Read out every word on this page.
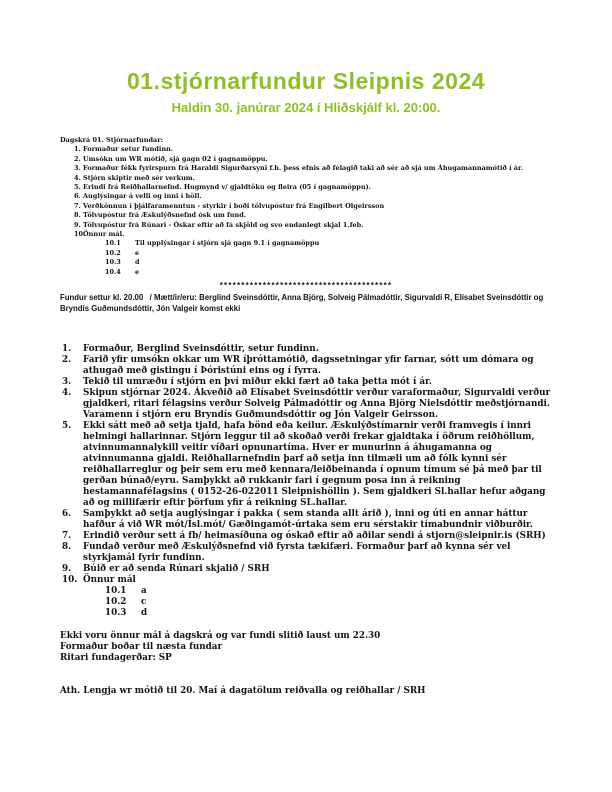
01.stjórnarfundur Sleipnis 2024
Haldin 30. janúrar 2024 í Hliðskjálf kl. 20:00.
Dagskrá 01. Stjórnarfundar:
1. Formaður setur fundinn.
2. Umsókn um WR mótið, sjá gagn 02 í gagnamöppu.
3. Formaður fékk fyrirspurn frá Haraldi Sigurðarsyni f.h. þess efnis að félagið taki að sér að sjá um Áhugamannamótið í ár.
4. Stjórn skiptir með sér verkum.
5. Erindi frá Reiðhallarnefnd. Hugmynd v/ gjaldtöku og fleira (05 í gagnamöppu).
6. Auglýsingar á velli og inni í höll.
7. Verðkönnun í þjálfaramenntun - styrkir í boði tölvupóstur frá Engilbert Olgeirsson
8. Tölvupóstur frá Æskulýðsnefnd ósk um fund.
9. Tölvupóstur frá Rúnari - Óskar eftir að fá skjöld og svo endanlegt skjal 1.feb.
10.
Önnur mál.
10.1	Til upplýsingar í stjórn sjá gagn 9.1 í gagnamöppu
10.2	e
10.3	d
10.4	e
****************************************
Fundur settur kl. 20.00   / Mætt/ir/eru: Berglind Sveinsdóttir, Anna Björg, Solveig Pálmadóttir, Sigurvaldi R, Elísabet Sveinsdóttir og Bryndís Guðmundsdóttir, Jón Valgeir komst ekki
1.	Formaður, Berglind Sveinsdóttir, setur fundinn.
2.	Farið yfir umsókn okkar um WR íþróttamótið, dagssetningar yfir farnar, sótt um dómara og athugað með gistingu í Þóristúni eins og í fyrra.
3.	Tekið til umræðu í stjórn en því miður ekki fært að taka þetta mót í ár.
4.	Skipun stjórnar 2024. Ákveðið að Elísabet Sveinsdóttir verður varaformaður, Sigurvaldi verður gjaldkeri, ritari félagsins verður Solveig Pálmadóttir og Anna Björg Nielsdóttir meðstjórnandi. Varamenn í stjórn eru Bryndís Guðmundsdóttir og Jón Valgeir Geirsson.
5.	Ekki sátt með að setja tjald, hafa bönd eða keilur. Æskulýðstímarnir verði framvegis í innri helmingi hallarinnar. Stjórn leggur til að skoðað verði frekar gjaldtaka í öðrum reiðhöllum, atvinnumannalykill veitir víðari opnunartíma. Hver er munurinn á áhugamanna og atvinnumanna gjaldi. Reiðhallarnefndin þarf að setja inn tilmæli um að fólk kynni sér reiðhallarreglur og þeir sem eru með kennara/leiðbeinanda í opnum tímum sé þá með þar til gerðan búnað/eyru. Samþykkt að rukkanir fari í gegnum posa inn á reikning hestamannafélagsins ( 0152-26-022011 Sleipnishöllin ). Sem gjaldkeri Sl.hallar hefur aðgang að og millifærir eftir þörfum yfir á reikning SL.hallar.
6.	Samþykkt að setja auglýsingar í pakka ( sem standa allt árið ), inni og úti en annar háttur hafður á við WR mót/Ísl.mót/ Gæðingamót-úrtaka sem eru sérstakir tímabundnir viðburðir.
7.	Erindið verður sett á fb/ heimasíðuna og óskað eftir að aðilar sendi á stjorn@sleipnir.is (SRH)
8.	Fundað verður með Æskulýðsnefnd við fyrsta tækifæri. Formaður þarf að kynna sér vel styrkjamál fyrir fundinn.
9.	Búið er að senda Rúnari skjalið / SRH
10. Önnur mál
10.1	a
10.2	c
10.3	d
Ekki voru önnur mál á dagskrá og var fundi slitið laust um 22.30
Formaður boðar til næsta fundar
Ritari fundagerðar: SP
Ath. Lengja wr mótið til 20. Maí á dagatölum reiðvalla og reiðhallar / SRH
